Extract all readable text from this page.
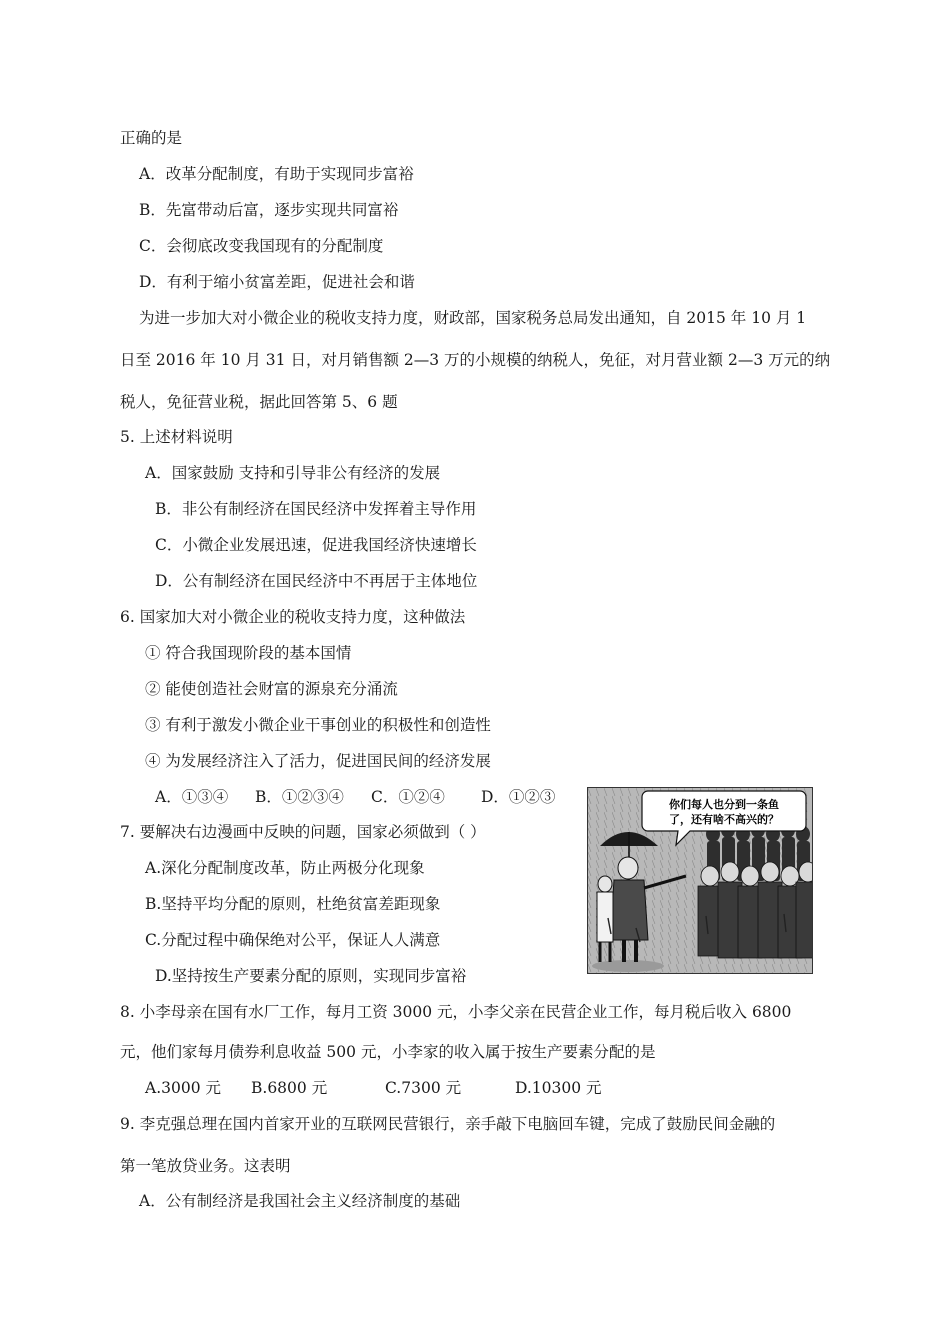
正确的是
A．改革分配制度，有助于实现同步富裕
B．先富带动后富，逐步实现共同富裕
C．会彻底改变我国现有的分配制度
D．有利于缩小贫富差距，促进社会和谐
为进一步加大对小微企业的税收支持力度，财政部，国家税务总局发出通知，自 2015 年 10 月 1
日至 2016 年 10 月 31 日，对月销售额 2—3 万的小规模的纳税人，免征，对月营业额 2—3 万元的纳
税人，免征营业税，据此回答第 5、6 题
5. 上述材料说明
A．国家鼓励 支持和引导非公有经济的发展
B．非公有制经济在国民经济中发挥着主导作用
C．小微企业发展迅速，促进我国经济快速增长
D．公有制经济在国民经济中不再居于主体地位
6. 国家加大对小微企业的税收支持力度，这种做法
① 符合我国现阶段的基本国情
② 能使创造社会财富的源泉充分涌流
③ 有利于激发小微企业干事创业的积极性和创造性
④ 为发展经济注入了活力，促进国民间的经济发展
A．①③④ B．①②③④ C．①②④ D．①②③
7. 要解决右边漫画中反映的问题，国家必须做到（ ）
A.深化分配制度改革，防止两极分化现象
B.坚持平均分配的原则，杜绝贫富差距现象
C.分配过程中确保绝对公平，保证人人满意
D.坚持按生产要素分配的原则，实现同步富裕
你们每人也分到一条鱼
了，还有啥不高兴的？
8. 小李母亲在国有水厂工作，每月工资 3000 元，小李父亲在民营企业工作，每月税后收入 6800
元，他们家每月债券利息收益 500 元，小李家的收入属于按生产要素分配的是
A.3000 元 B.6800 元	C.7300 元	D.10300 元
9. 李克强总理在国内首家开业的互联网民营银行，亲手敲下电脑回车键，完成了鼓励民间金融的
第一笔放贷业务。这表明
A．公有制经济是我国社会主义经济制度的基础
